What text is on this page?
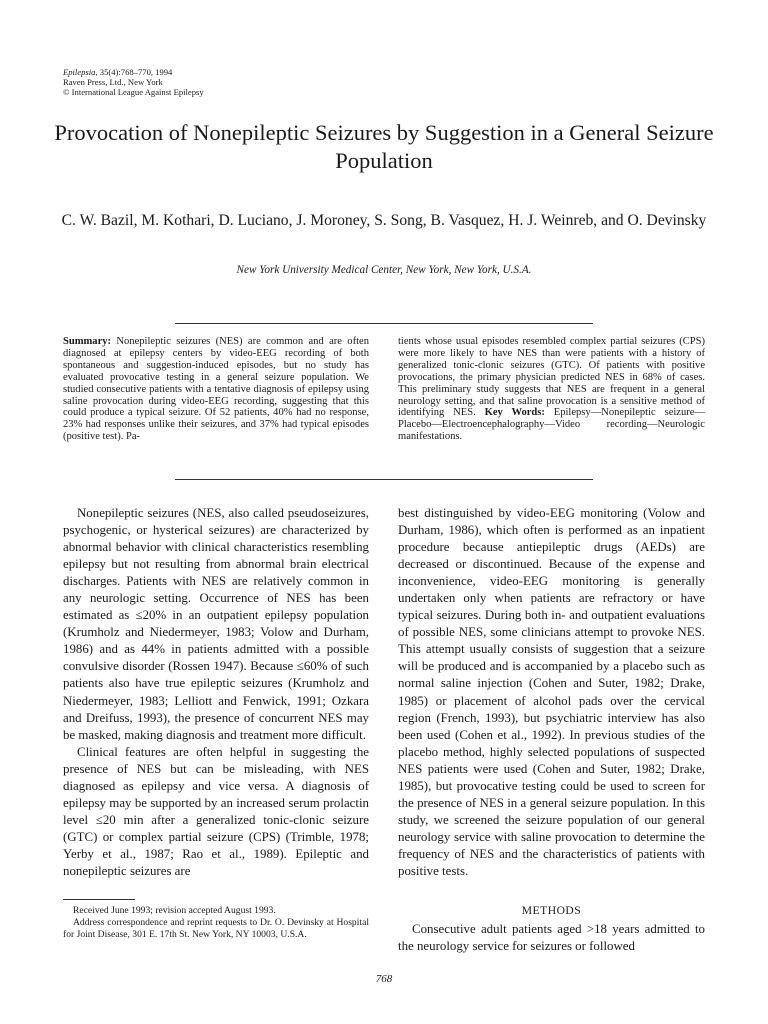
Epilepsia, 35(4):768–770, 1994
Raven Press, Ltd., New York
© International League Against Epilepsy
Provocation of Nonepileptic Seizures by Suggestion in a General Seizure Population
C. W. Bazil, M. Kothari, D. Luciano, J. Moroney, S. Song, B. Vasquez, H. J. Weinreb, and O. Devinsky
New York University Medical Center, New York, New York, U.S.A.
Summary: Nonepileptic seizures (NES) are common and are often diagnosed at epilepsy centers by video-EEG recording of both spontaneous and suggestion-induced episodes, but no study has evaluated provocative testing in a general seizure population. We studied consecutive patients with a tentative diagnosis of epilepsy using saline provocation during video-EEG recording, suggesting that this could produce a typical seizure. Of 52 patients, 40% had no response, 23% had responses unlike their seizures, and 37% had typical episodes (positive test). Pa-
tients whose usual episodes resembled complex partial seizures (CPS) were more likely to have NES than were patients with a history of generalized tonic-clonic seizures (GTC). Of patients with positive provocations, the primary physician predicted NES in 68% of cases. This preliminary study suggests that NES are frequent in a general neurology setting, and that saline provocation is a sensitive method of identifying NES. Key Words: Epilepsy—Nonepileptic seizure—Placebo—Electroencephalography—Video recording—Neurologic manifestations.

Nonepileptic seizures (NES, also called pseudoseizures, psychogenic, or hysterical seizures) are characterized by abnormal behavior with clinical characteristics resembling epilepsy but not resulting from abnormal brain electrical discharges. Patients with NES are relatively common in any neurologic setting. Occurrence of NES has been estimated as ≤20% in an outpatient epilepsy population (Krumholz and Niedermeyer, 1983; Volow and Durham, 1986) and as 44% in patients admitted with a possible convulsive disorder (Rossen 1947). Because ≤60% of such patients also have true epileptic seizures (Krumholz and Niedermeyer, 1983; Lelliott and Fenwick, 1991; Ozkara and Dreifuss, 1993), the presence of concurrent NES may be masked, making diagnosis and treatment more difficult.

Clinical features are often helpful in suggesting the presence of NES but can be misleading, with NES diagnosed as epilepsy and vice versa. A diagnosis of epilepsy may be supported by an increased serum prolactin level ≤20 min after a generalized tonic-clonic seizure (GTC) or complex partial seizure (CPS) (Trimble, 1978; Yerby et al., 1987; Rao et al., 1989). Epileptic and nonepileptic seizures are

best distinguished by video-EEG monitoring (Volow and Durham, 1986), which often is performed as an inpatient procedure because antiepileptic drugs (AEDs) are decreased or discontinued. Because of the expense and inconvenience, video-EEG monitoring is generally undertaken only when patients are refractory or have typical seizures. During both in- and outpatient evaluations of possible NES, some clinicians attempt to provoke NES. This attempt usually consists of suggestion that a seizure will be produced and is accompanied by a placebo such as normal saline injection (Cohen and Suter, 1982; Drake, 1985) or placement of alcohol pads over the cervical region (French, 1993), but psychiatric interview has also been used (Cohen et al., 1992). In previous studies of the placebo method, highly selected populations of suspected NES patients were used (Cohen and Suter, 1982; Drake, 1985), but provocative testing could be used to screen for the presence of NES in a general seizure population. In this study, we screened the seizure population of our general neurology service with saline provocation to determine the frequency of NES and the characteristics of patients with positive tests.

Received June 1993; revision accepted August 1993.

Address correspondence and reprint requests to Dr. O. Devinsky at Hospital for Joint Disease, 301 E. 17th St. New York, NY 10003, U.S.A.

METHODS

Consecutive adult patients aged >18 years admitted to the neurology service for seizures or followed

768
